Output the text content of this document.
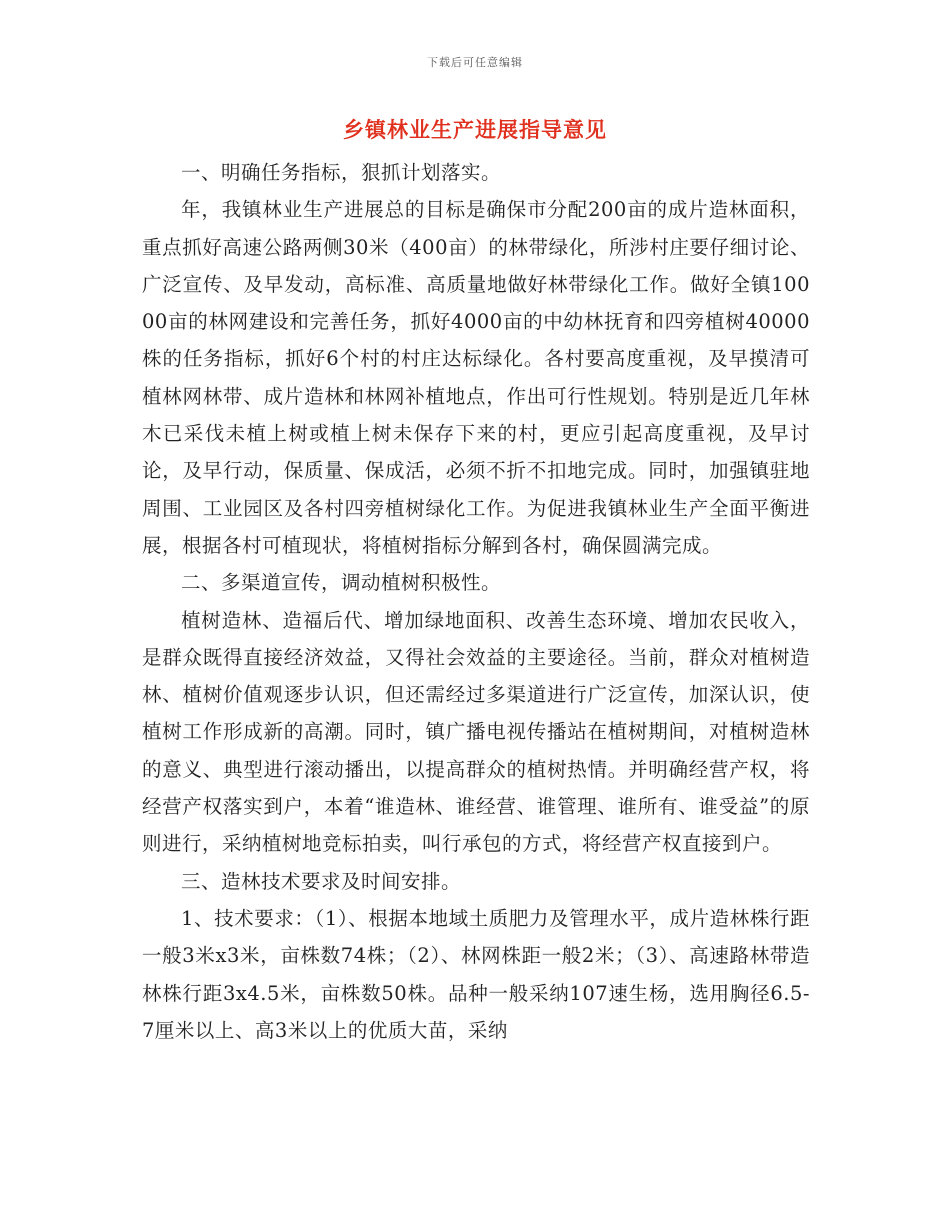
下载后可任意编辑
乡镇林业生产进展指导意见

一、明确任务指标，狠抓计划落实。

年，我镇林业生产进展总的目标是确保市分配200亩的成片造林面积，重点抓好高速公路两侧30米（400亩）的林带绿化，所涉村庄要仔细讨论、广泛宣传、及早发动，高标准、高质量地做好林带绿化工作。做好全镇10000亩的林网建设和完善任务，抓好4000亩的中幼林抚育和四旁植树40000株的任务指标，抓好6个村的村庄达标绿化。各村要高度重视，及早摸清可植林网林带、成片造林和林网补植地点，作出可行性规划。特别是近几年林木已采伐未植上树或植上树未保存下来的村，更应引起高度重视，及早讨论，及早行动，保质量、保成活，必须不折不扣地完成。同时，加强镇驻地周围、工业园区及各村四旁植树绿化工作。为促进我镇林业生产全面平衡进展，根据各村可植现状，将植树指标分解到各村，确保圆满完成。

二、多渠道宣传，调动植树积极性。

植树造林、造福后代、增加绿地面积、改善生态环境、增加农民收入，是群众既得直接经济效益，又得社会效益的主要途径。当前，群众对植树造林、植树价值观逐步认识，但还需经过多渠道进行广泛宣传，加深认识，使植树工作形成新的高潮。同时，镇广播电视传播站在植树期间，对植树造林的意义、典型进行滚动播出，以提高群众的植树热情。并明确经营产权，将经营产权落实到户，本着“谁造林、谁经营、谁管理、谁所有、谁受益”的原则进行，采纳植树地竞标拍卖，叫行承包的方式，将经营产权直接到户。

三、造林技术要求及时间安排。

1、技术要求：（1）、根据本地域土质肥力及管理水平，成片造林株行距一般3米x3米，亩株数74株；（2）、林网株距一般2米；（3）、高速路林带造林株行距3x4.5米，亩株数50株。品种一般采纳107速生杨，选用胸径6.5-7厘米以上、高3米以上的优质大苗，采纳
